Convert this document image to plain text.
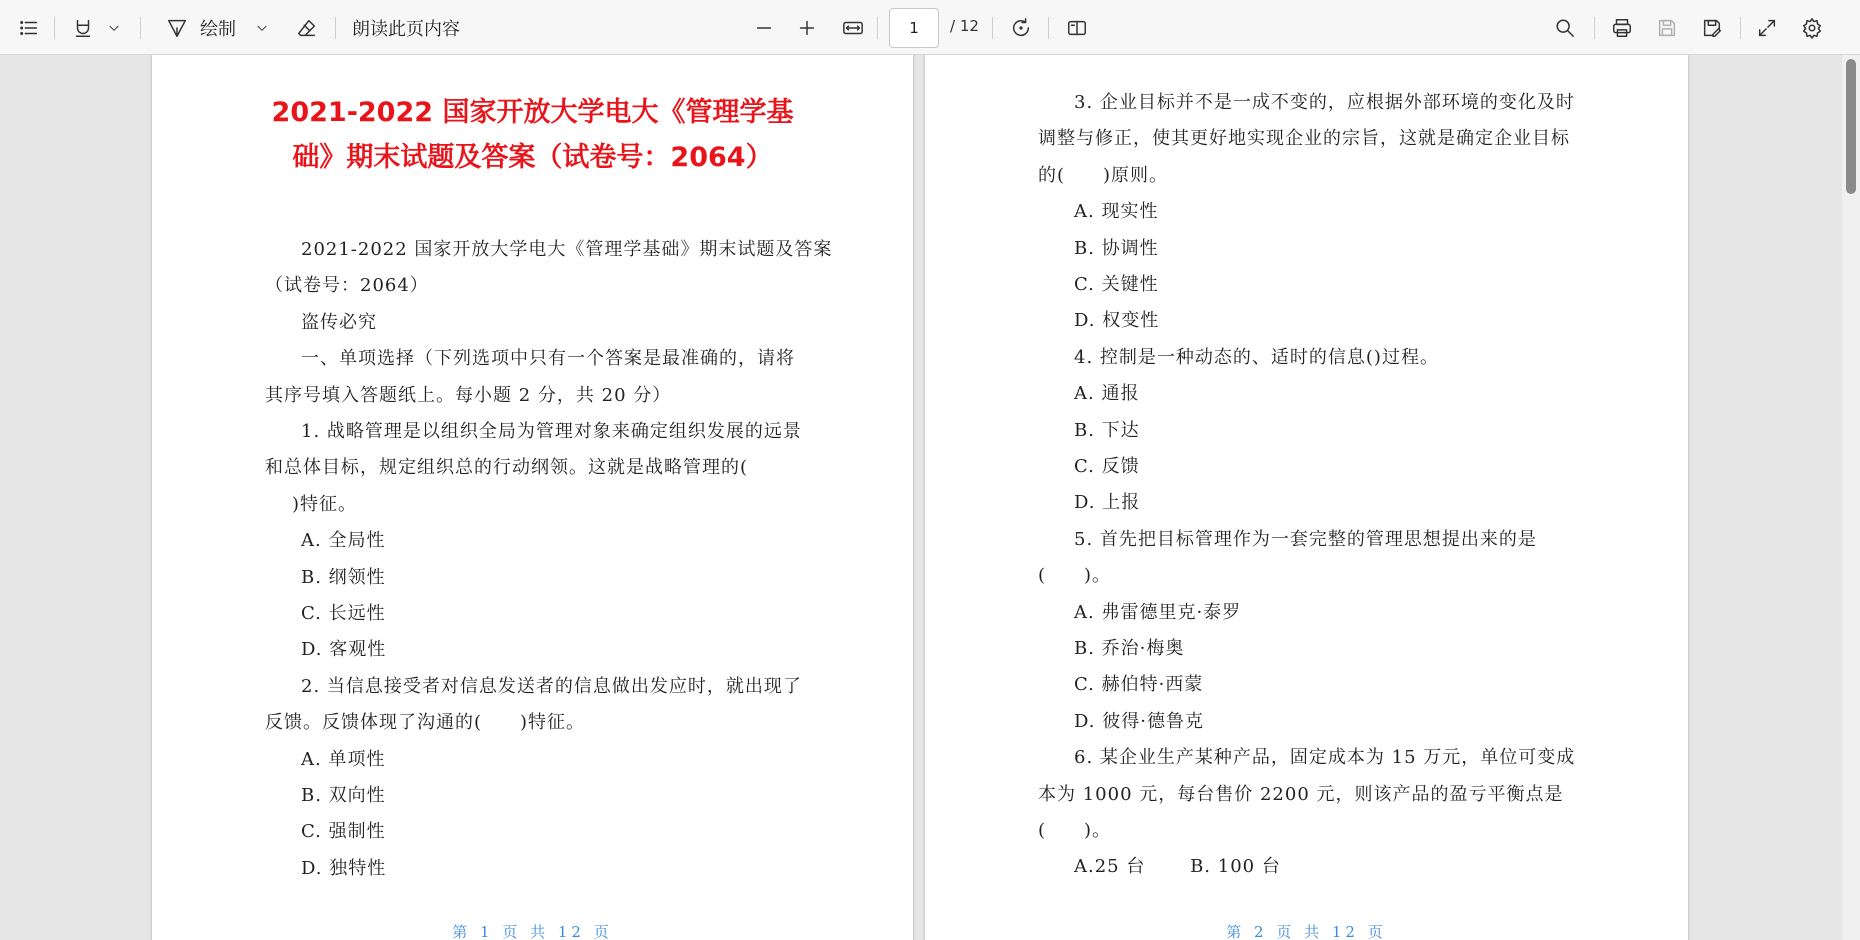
绘制	朗读此页内容
1	/ 12
2021-2022 国家开放大学电大《管理学基
础》期末试题及答案（试卷号：2064）
2021-2022 国家开放大学电大《管理学基础》期末试题及答案
（试卷号：2064）
盗传必究
一、单项选择（下列选项中只有一个答案是最准确的，请将
其序号填入答题纸上。每小题 2 分，共 20 分）
1. 战略管理是以组织全局为管理对象来确定组织发展的远景
和总体目标，规定组织总的行动纲领。这就是战略管理的(
)特征。
A. 全局性
B. 纲领性
C. 长远性
D. 客观性
2. 当信息接受者对信息发送者的信息做出发应时，就出现了
反馈。反馈体现了沟通的(　　)特征。
A. 单项性
B. 双向性
C. 强制性
D. 独特性
第 1 页 共 12 页
3. 企业目标并不是一成不变的，应根据外部环境的变化及时
调整与修正，使其更好地实现企业的宗旨，这就是确定企业目标
的(　　)原则。
A. 现实性
B. 协调性
C. 关键性
D. 权变性
4. 控制是一种动态的、适时的信息()过程。
A. 通报
B. 下达
C. 反馈
D. 上报
5. 首先把目标管理作为一套完整的管理思想提出来的是
(　　)。
A. 弗雷德里克·泰罗
B. 乔治·梅奥
C. 赫伯特·西蒙
D. 彼得·德鲁克
6. 某企业生产某种产品，固定成本为 15 万元，单位可变成
本为 1000 元，每台售价 2200 元，则该产品的盈亏平衡点是
(　　)。
A.25 台　　 B. 100 台
第 2 页 共 12 页
